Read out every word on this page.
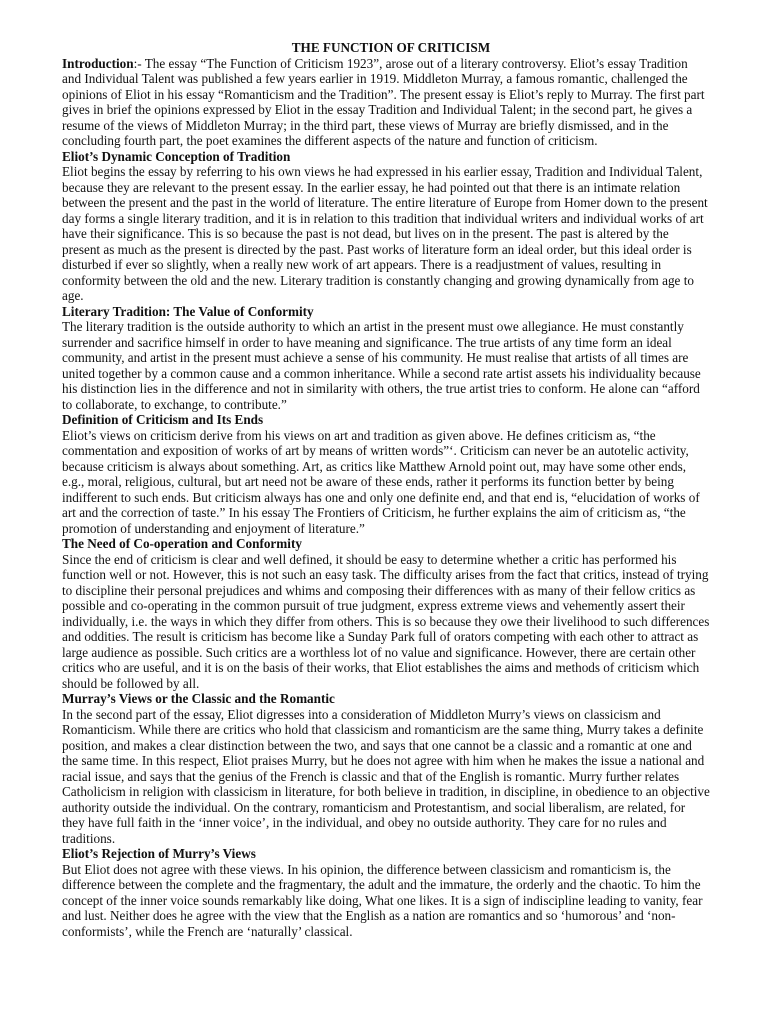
THE FUNCTION OF CRITICISM

Introduction:- The essay “The Function of Criticism 1923”, arose out of a literary controversy. Eliot’s essay Tradition and Individual Talent was published a few years earlier in 1919. Middleton Murray, a famous romantic, challenged the opinions of Eliot in his essay “Romanticism and the Tradition”. The present essay is Eliot’s reply to Murray. The first part gives in brief the opinions expressed by Eliot in the essay Tradition and Individual Talent; in the second part, he gives a resume of the views of Middleton Murray; in the third part, these views of Murray are briefly dismissed, and in the concluding fourth part, the poet examines the different aspects of the nature and function of criticism.

Eliot’s Dynamic Conception of Tradition

Eliot begins the essay by referring to his own views he had expressed in his earlier essay, Tradition and Individual Talent, because they are relevant to the present essay. In the earlier essay, he had pointed out that there is an intimate relation between the present and the past in the world of literature. The entire literature of Europe from Homer down to the present day forms a single literary tradition, and it is in relation to this tradition that individual writers and individual works of art have their significance. This is so because the past is not dead, but lives on in the present. The past is altered by the present as much as the present is directed by the past. Past works of literature form an ideal order, but this ideal order is disturbed if ever so slightly, when a really new work of art appears. There is a readjustment of values, resulting in conformity between the old and the new. Literary tradition is constantly changing and growing dynamically from age to age.

Literary Tradition: The Value of Conformity

The literary tradition is the outside authority to which an artist in the present must owe allegiance. He must constantly surrender and sacrifice himself in order to have meaning and significance. The true artists of any time form an ideal community, and artist in the present must achieve a sense of his community. He must realise that artists of all times are united together by a common cause and a common inheritance. While a second rate artist assets his individuality because his distinction lies in the difference and not in similarity with others, the true artist tries to conform. He alone can “afford to collaborate, to exchange, to contribute.”

Definition of Criticism and Its Ends

Eliot’s views on criticism derive from his views on art and tradition as given above. He defines criticism as, “the commentation and exposition of works of art by means of written words”‘. Criticism can never be an autotelic activity, because criticism is always about something. Art, as critics like Matthew Arnold point out, may have some other ends, e.g., moral, religious, cultural, but art need not be aware of these ends, rather it performs its function better by being indifferent to such ends. But criticism always has one and only one definite end, and that end is, “elucidation of works of art and the correction of taste.” In his essay The Frontiers of Criticism, he further explains the aim of criticism as, “the promotion of understanding and enjoyment of literature.”

The Need of Co-operation and Conformity

Since the end of criticism is clear and well defined, it should be easy to determine whether a critic has performed his function well or not. However, this is not such an easy task. The difficulty arises from the fact that critics, instead of trying to discipline their personal prejudices and whims and composing their differences with as many of their fellow critics as possible and co-operating in the common pursuit of true judgment, express extreme views and vehemently assert their individually, i.e. the ways in which they differ from others. This is so because they owe their livelihood to such differences and oddities. The result is criticism has become like a Sunday Park full of orators competing with each other to attract as large audience as possible. Such critics are a worthless lot of no value and significance. However, there are certain other critics who are useful, and it is on the basis of their works, that Eliot establishes the aims and methods of criticism which should be followed by all.

Murray’s Views or the Classic and the Romantic

In the second part of the essay, Eliot digresses into a consideration of Middleton Murry’s views on classicism and Romanticism. While there are critics who hold that classicism and romanticism are the same thing, Murry takes a definite position, and makes a clear distinction between the two, and says that one cannot be a classic and a romantic at one and the same time. In this respect, Eliot praises Murry, but he does not agree with him when he makes the issue a national and racial issue, and says that the genius of the French is classic and that of the English is romantic. Murry further relates Catholicism in religion with classicism in literature, for both believe in tradition, in discipline, in obedience to an objective authority outside the individual. On the contrary, romanticism and Protestantism, and social liberalism, are related, for they have full faith in the ‘inner voice’, in the individual, and obey no outside authority. They care for no rules and traditions.

Eliot’s Rejection of Murry’s Views

But Eliot does not agree with these views. In his opinion, the difference between classicism and romanticism is, the difference between the complete and the fragmentary, the adult and the immature, the orderly and the chaotic. To him the concept of the inner voice sounds remarkably like doing, What one likes. It is a sign of indiscipline leading to vanity, fear and lust. Neither does he agree with the view that the English as a nation are romantics and so ‘humorous’ and ‘non-conformists’, while the French are ‘naturally’ classical.
